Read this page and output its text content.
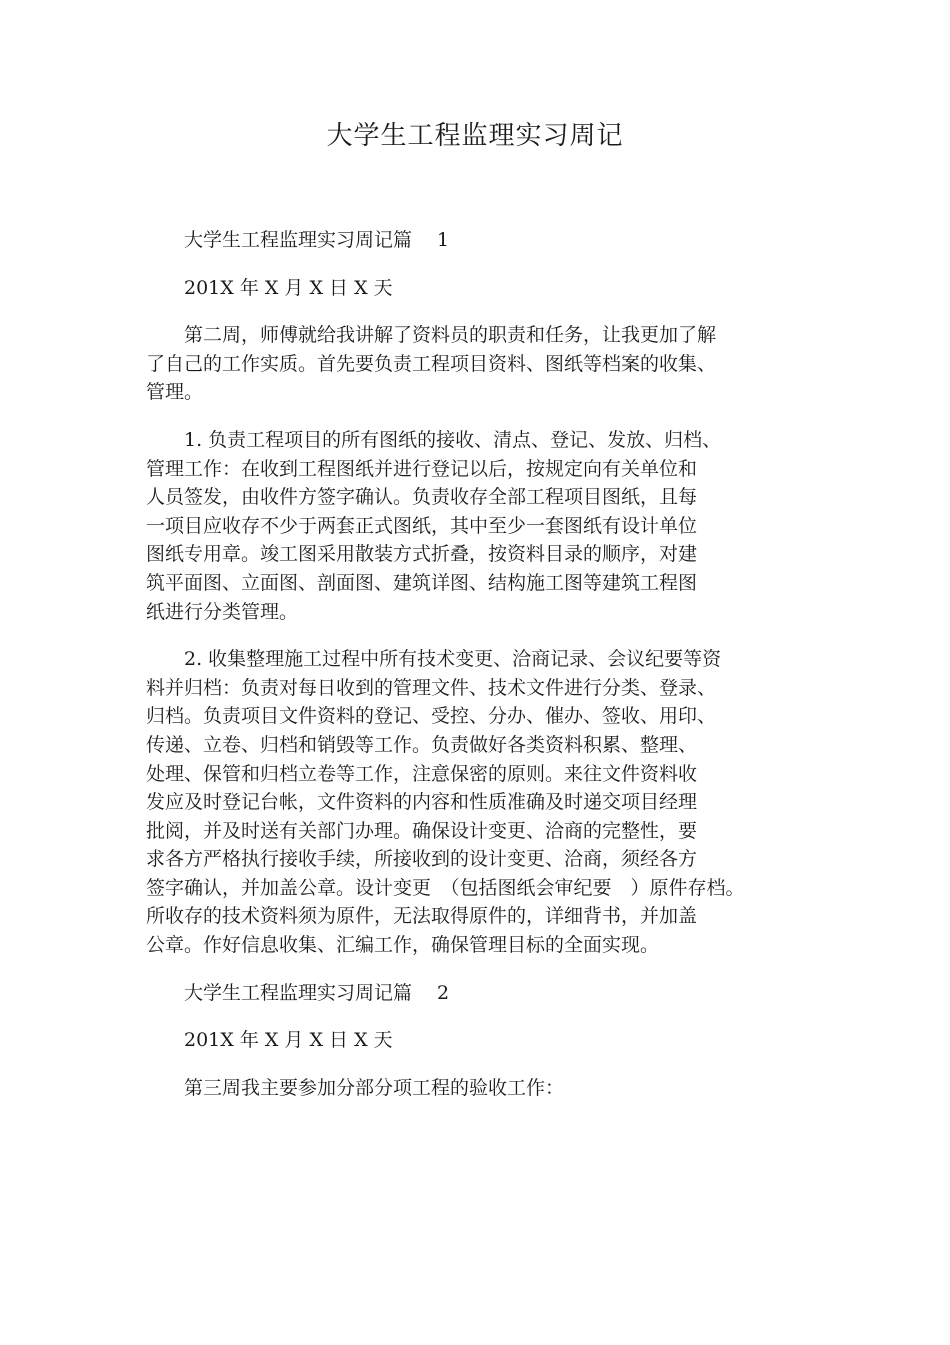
大学生工程监理实习周记
大学生工程监理实习周记篇　 1
201X 年 X 月 X 日 X 天
第二周，师傅就给我讲解了资料员的职责和任务，让我更加了解
了自己的工作实质。首先要负责工程项目资料、图纸等档案的收集、
管理。
1. 负责工程项目的所有图纸的接收、清点、登记、发放、归档、
管理工作：在收到工程图纸并进行登记以后，按规定向有关单位和
人员签发，由收件方签字确认。负责收存全部工程项目图纸，且每
一项目应收存不少于两套正式图纸，其中至少一套图纸有设计单位
图纸专用章。竣工图采用散装方式折叠，按资料目录的顺序，对建
筑平面图、立面图、剖面图、建筑详图、结构施工图等建筑工程图
纸进行分类管理。
2. 收集整理施工过程中所有技术变更、洽商记录、会议纪要等资
料并归档：负责对每日收到的管理文件、技术文件进行分类、登录、
归档。负责项目文件资料的登记、受控、分办、催办、签收、用印、
传递、立卷、归档和销毁等工作。负责做好各类资料积累、整理、
处理、保管和归档立卷等工作，注意保密的原则。来往文件资料收
发应及时登记台帐，文件资料的内容和性质准确及时递交项目经理
批阅，并及时送有关部门办理。确保设计变更、洽商的完整性，要
求各方严格执行接收手续，所接收到的设计变更、洽商，须经各方
签字确认，并加盖公章。设计变更　（包括图纸会审纪要　）原件存档。
所收存的技术资料须为原件，无法取得原件的，详细背书，并加盖
公章。作好信息收集、汇编工作，确保管理目标的全面实现。
大学生工程监理实习周记篇　 2
201X 年 X 月 X 日 X 天
第三周我主要参加分部分项工程的验收工作：
